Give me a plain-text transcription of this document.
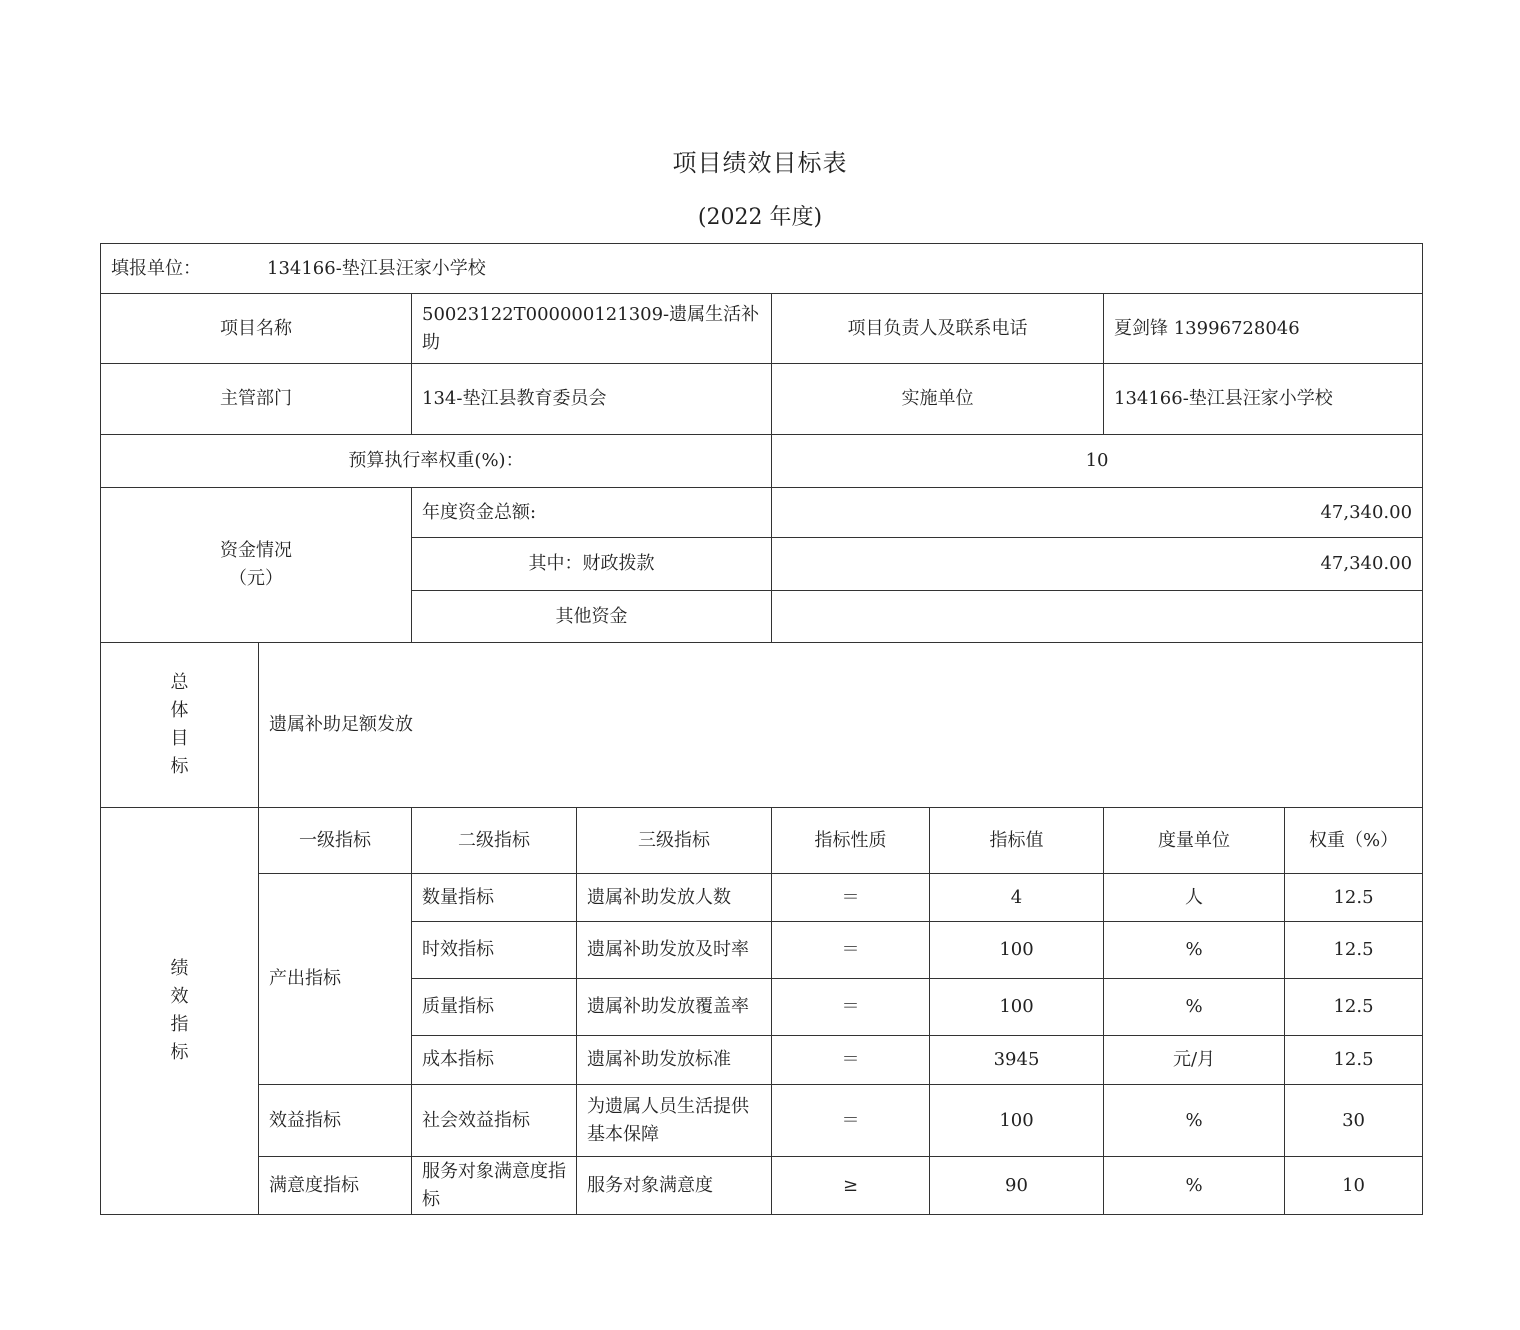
项目绩效目标表
(2022 年度)
填报单位： 134166-垫江县汪家小学校							
项目名称		50023122T000000121309-遗属生活补助		项目负责人及联系电话		夏剑锋 13996728046	
主管部门		134-垫江县教育委员会		实施单位		134166-垫江县汪家小学校	
预算执行率权重(%)：				10			

资金情况
（元）		年度资金总额:		47,340.00			
		其中：财政拨款		47,340.00			
		其他资金					

总
体
目
标	遗属补助足额发放						

绩
效
指
标	一级指标	二级指标	三级指标	指标性质	指标值	度量单位	权重（%）
	产出指标	数量指标	遗属补助发放人数	＝	4	人	12.5
		时效指标	遗属补助发放及时率	＝	100	%	12.5
		质量指标	遗属补助发放覆盖率	＝	100	%	12.5
		成本指标	遗属补助发放标准	＝	3945	元/月	12.5
	效益指标	社会效益指标	为遗属人员生活提供基本保障	＝	100	%	30
	满意度指标	服务对象满意度指标	服务对象满意度	≥	90	%	10
